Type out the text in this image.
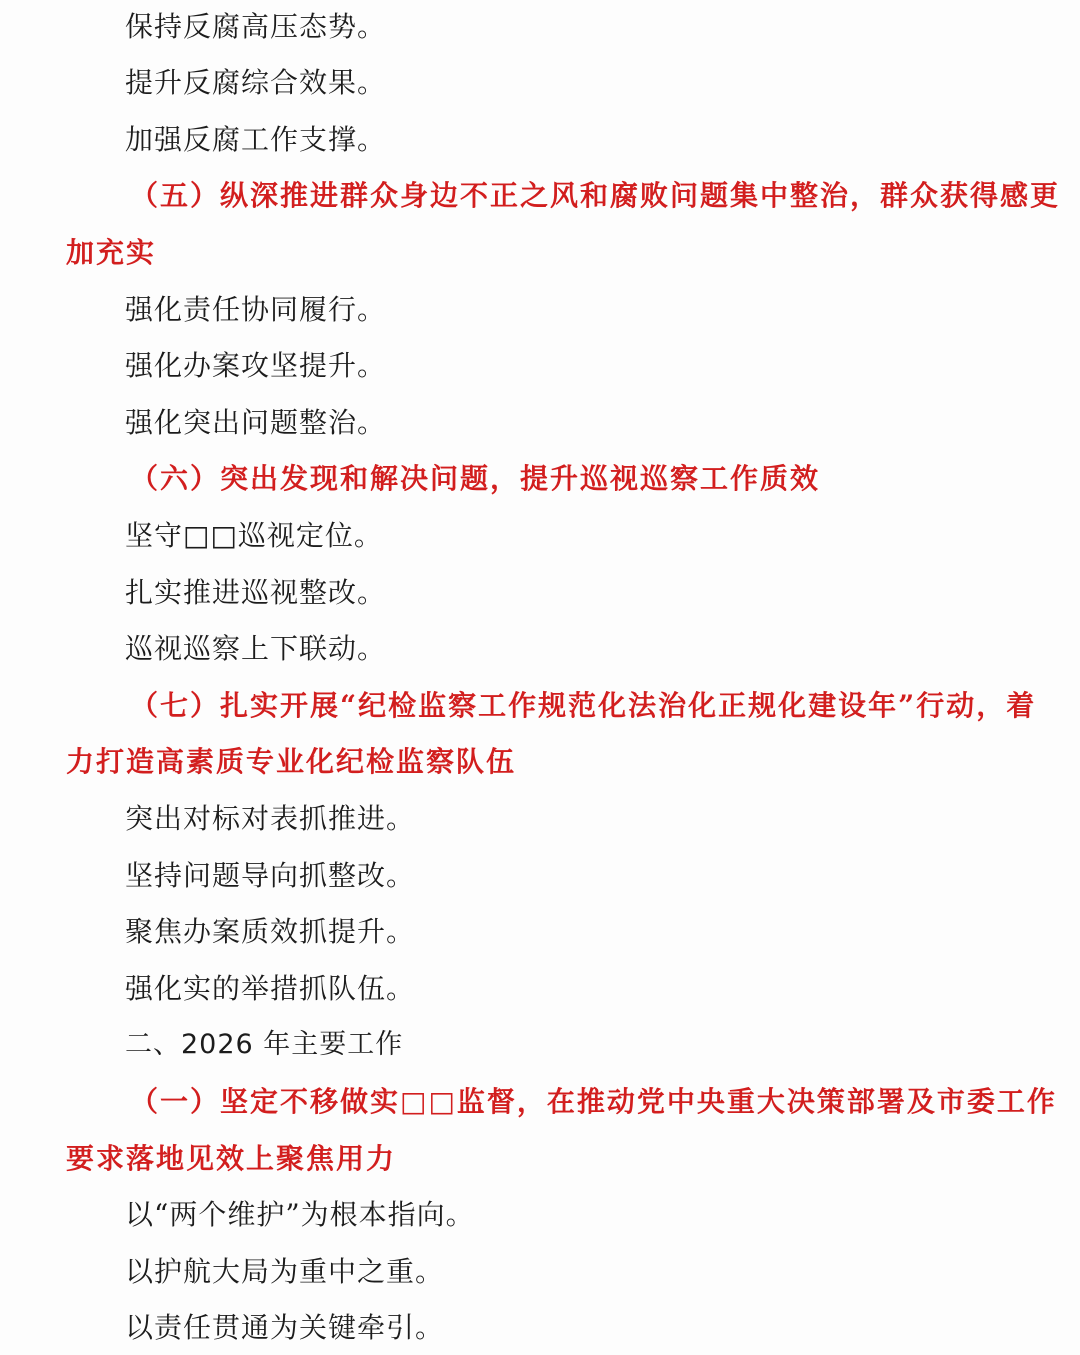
保持反腐高压态势。
提升反腐综合效果。
加强反腐工作支撑。
（五）纵深推进群众身边不正之风和腐败问题集中整治，群众获得感更
加充实
强化责任协同履行。
强化办案攻坚提升。
强化突出问题整治。
（六）突出发现和解决问题，提升巡视巡察工作质效
坚守□□巡视定位。
扎实推进巡视整改。
巡视巡察上下联动。
（七）扎实开展“纪检监察工作规范化法治化正规化建设年”行动，着
力打造高素质专业化纪检监察队伍
突出对标对表抓推进。
坚持问题导向抓整改。
聚焦办案质效抓提升。
强化实的举措抓队伍。
二、2026 年主要工作
（一）坚定不移做实□□监督，在推动党中央重大决策部署及市委工作
要求落地见效上聚焦用力
以“两个维护”为根本指向。
以护航大局为重中之重。
以责任贯通为关键牵引。
